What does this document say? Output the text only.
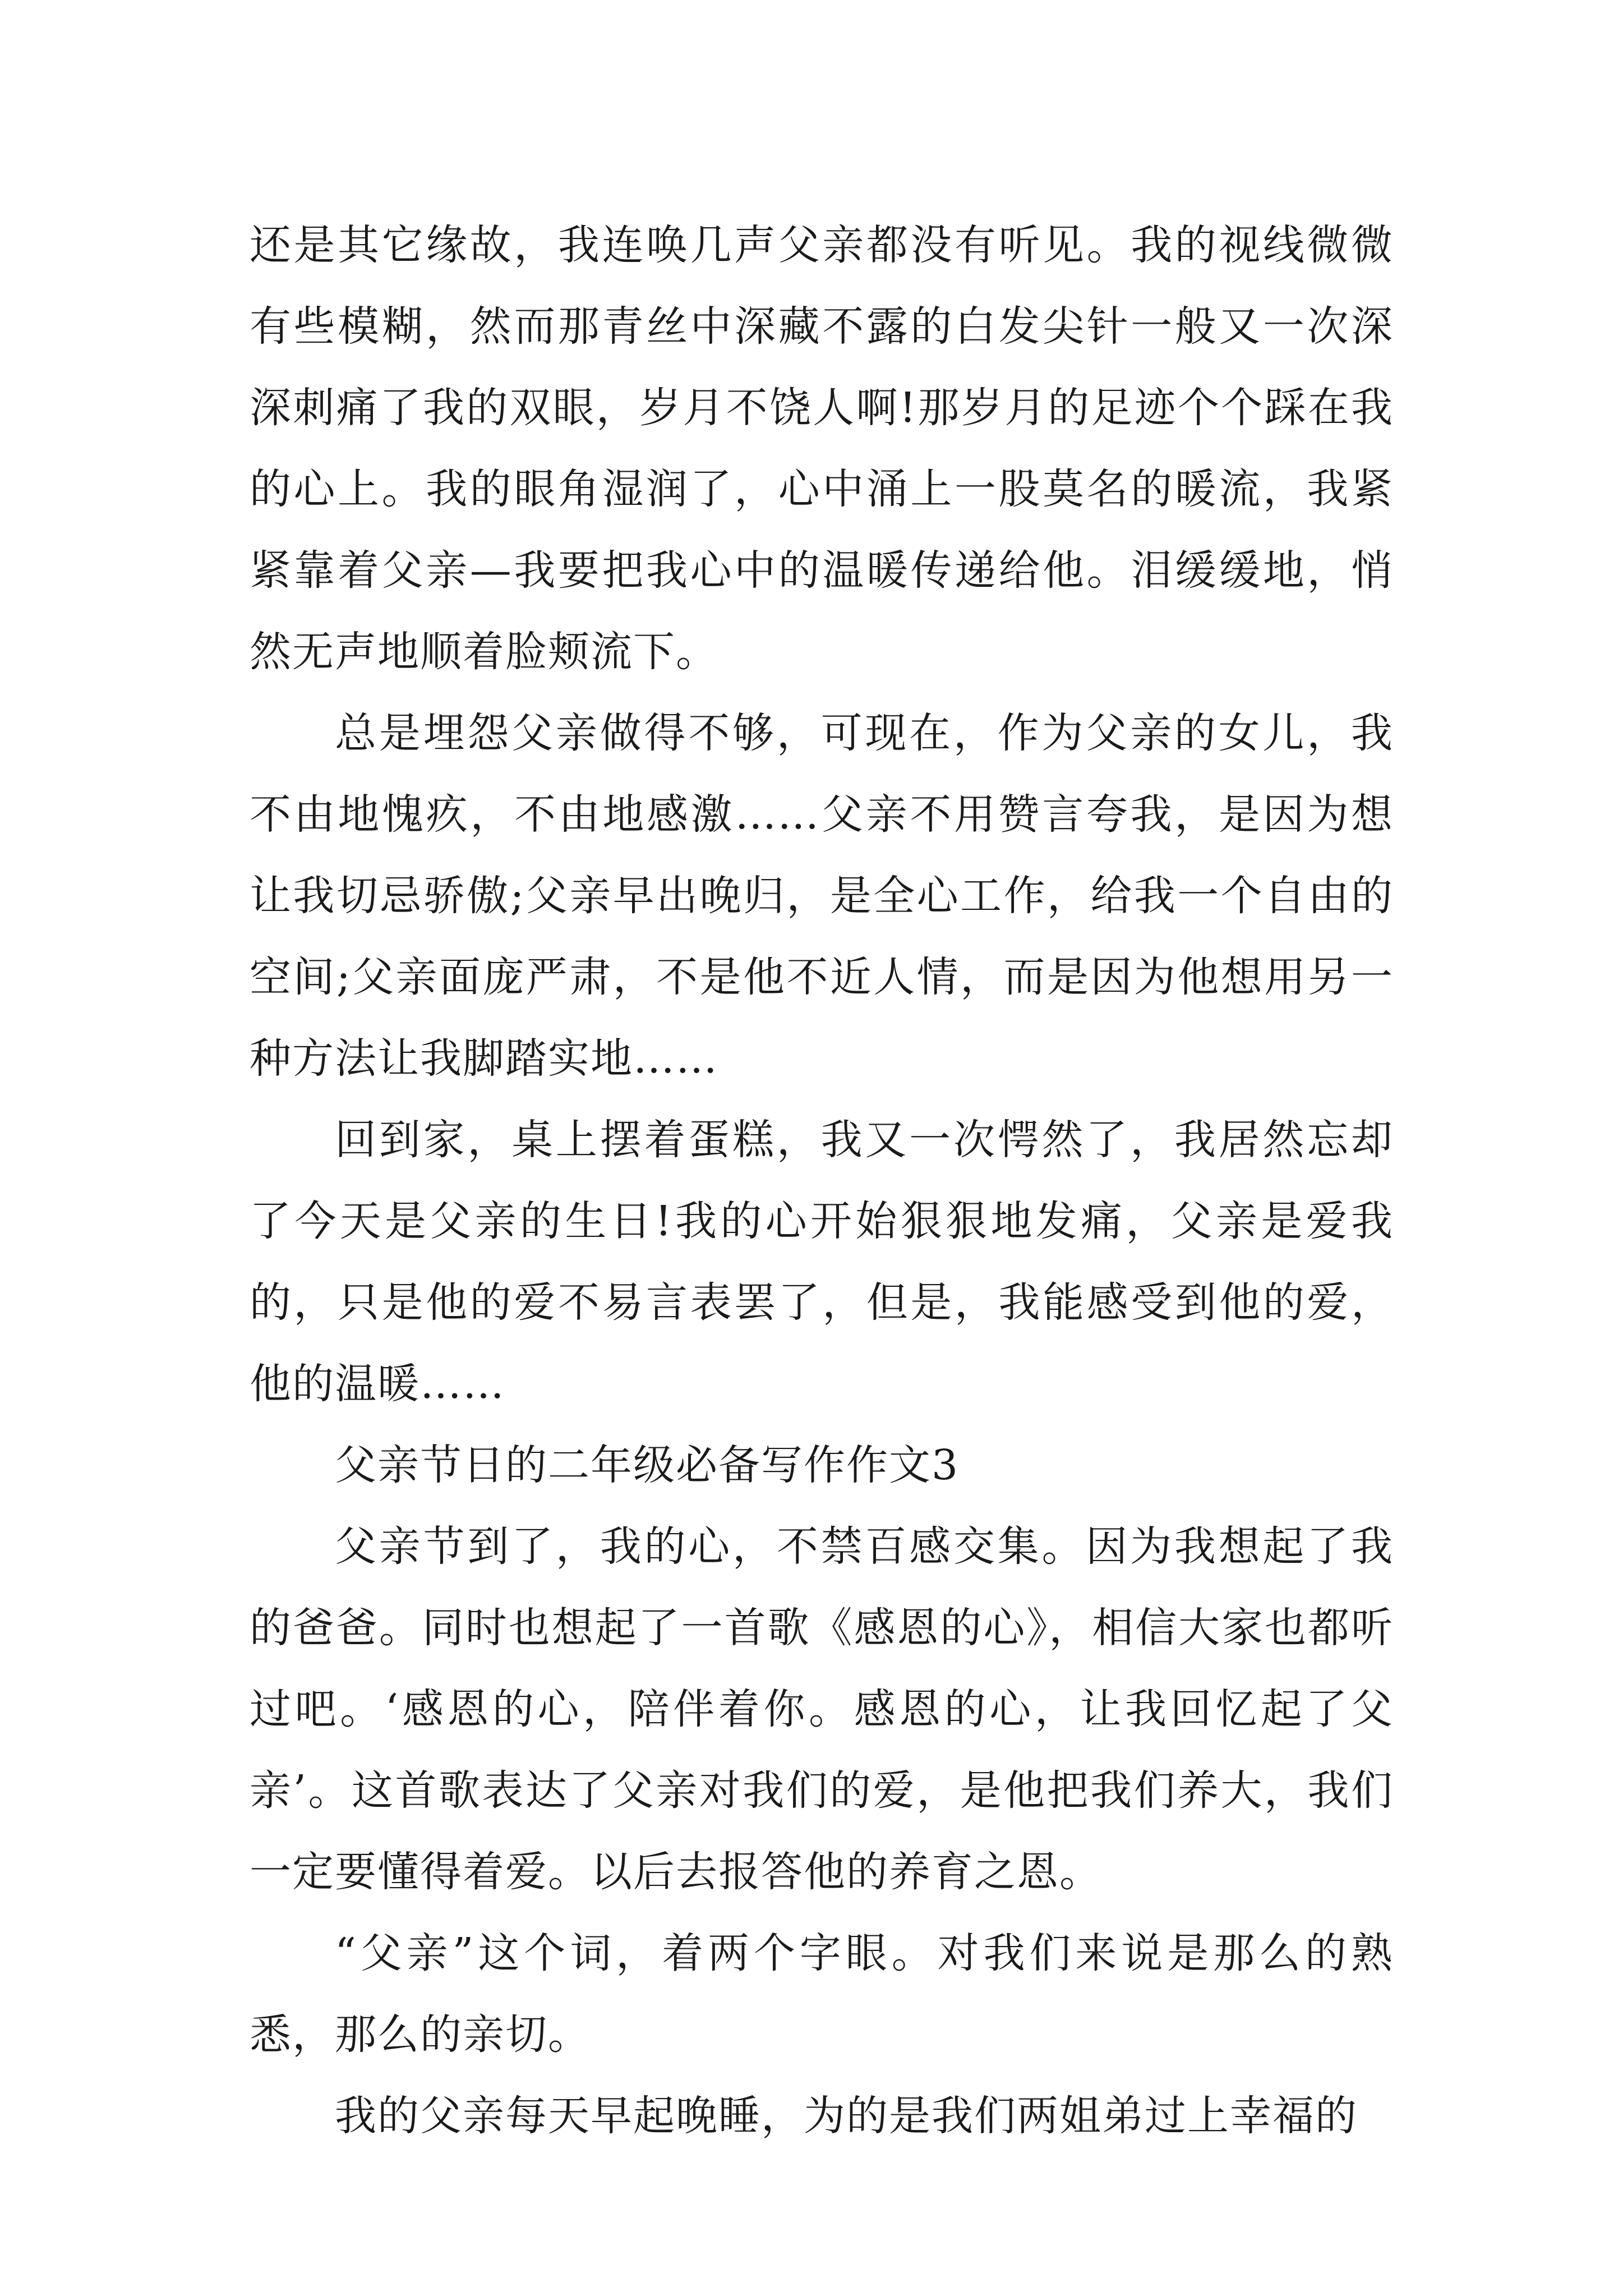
还是其它缘故，我连唤几声父亲都没有听见。我的视线微微有些模糊，然而那青丝中深藏不露的白发尖针一般又一次深深刺痛了我的双眼，岁月不饶人啊!那岁月的足迹个个踩在我的心上。我的眼角湿润了，心中涌上一股莫名的暖流，我紧紧靠着父亲—我要把我心中的温暖传递给他。泪缓缓地，悄然无声地顺着脸颊流下。

总是埋怨父亲做得不够，可现在，作为父亲的女儿，我不由地愧疚，不由地感激……父亲不用赞言夸我，是因为想让我切忌骄傲;父亲早出晚归，是全心工作，给我一个自由的空间;父亲面庞严肃，不是他不近人情，而是因为他想用另一种方法让我脚踏实地……

回到家，桌上摆着蛋糕，我又一次愕然了，我居然忘却了今天是父亲的生日!我的心开始狠狠地发痛，父亲是爱我的，只是他的爱不易言表罢了，但是，我能感受到他的爱，他的温暖……

父亲节日的二年级必备写作作文3

父亲节到了，我的心，不禁百感交集。因为我想起了我的爸爸。同时也想起了一首歌《感恩的心》，相信大家也都听过吧。‘感恩的心，陪伴着你。感恩的心，让我回忆起了父亲’。这首歌表达了父亲对我们的爱，是他把我们养大，我们一定要懂得着爱。以后去报答他的养育之恩。

“父亲”这个词，着两个字眼。对我们来说是那么的熟悉，那么的亲切。

我的父亲每天早起晚睡，为的是我们两姐弟过上幸福的
